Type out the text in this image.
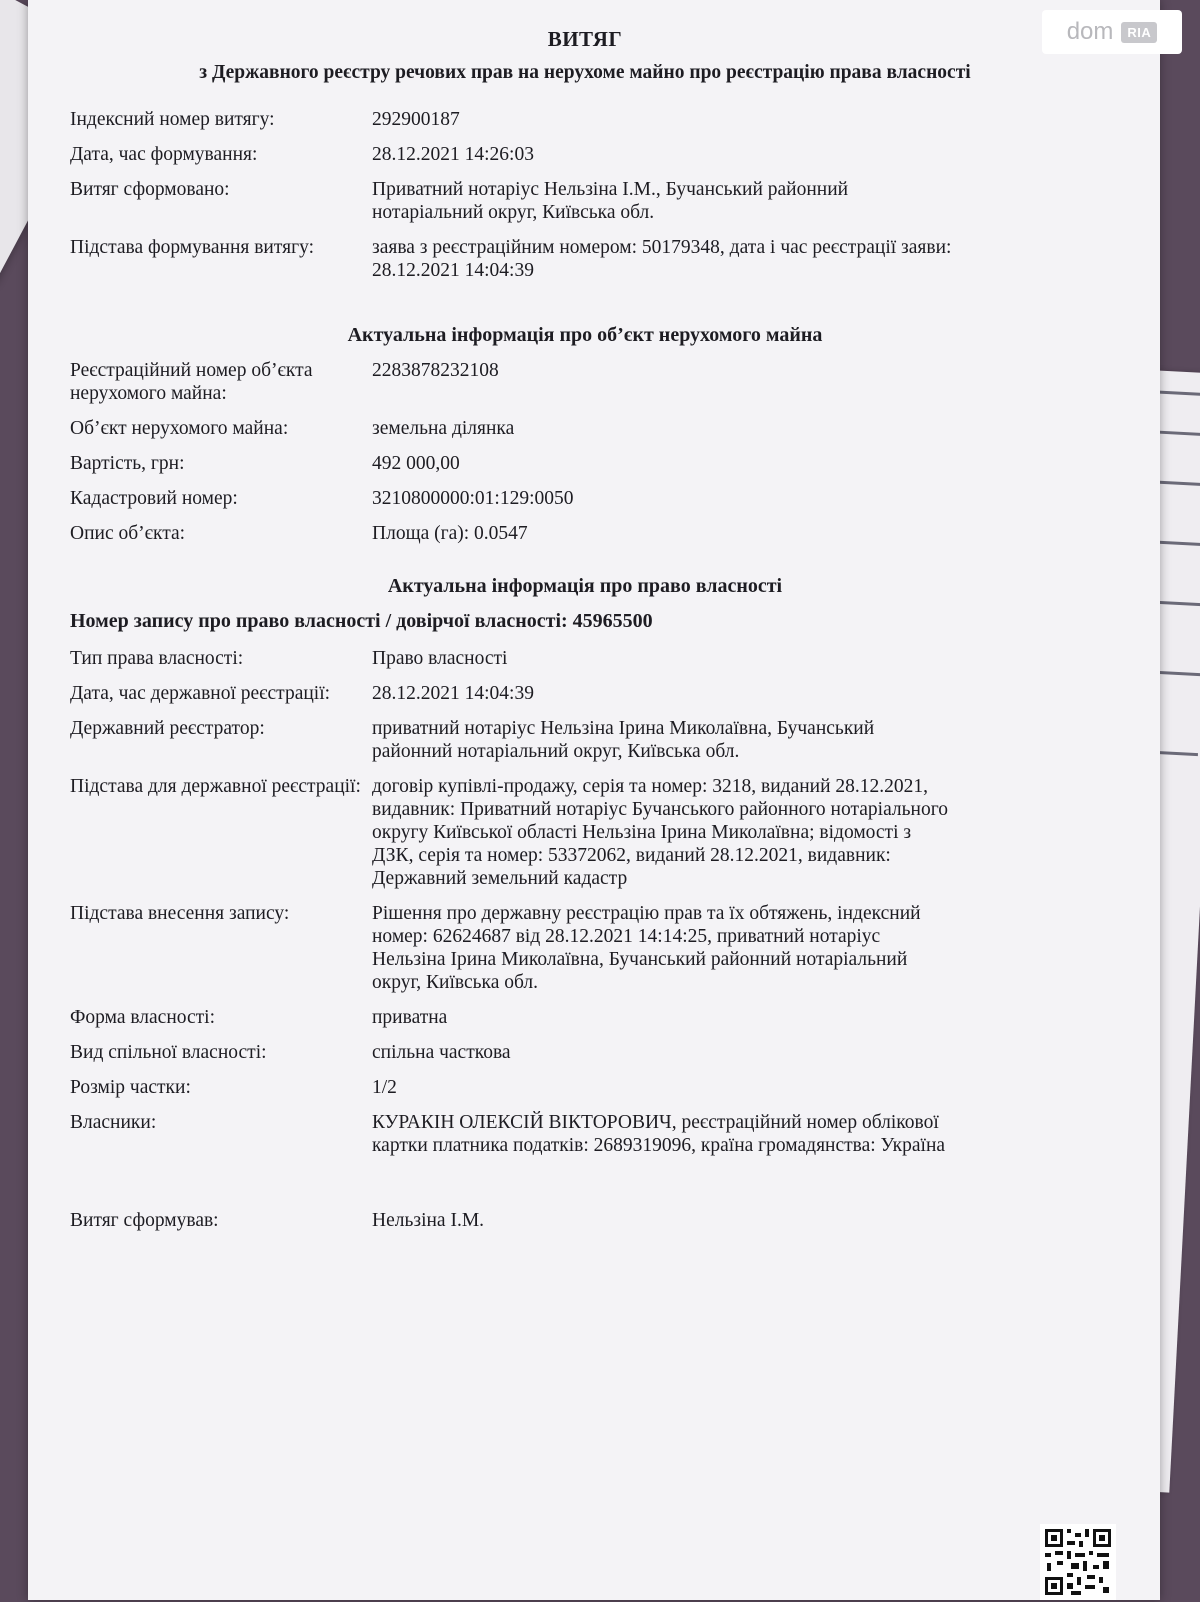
dom	RIA
ВИТЯГ
з Державного реєстру речових прав на нерухоме майно про реєстрацію права власності
Індексний номер витягу:	292900187
Дата, час формування:	28.12.2021 14:26:03
Витяг сформовано:	Приватний нотаріус Нельзіна І.М., Бучанський районний
нотаріальний округ, Київська обл.
Підстава формування витягу:	заява з реєстраційним номером: 50179348, дата і час реєстрації заяви:
28.12.2021 14:04:39
Актуальна інформація про об’єкт нерухомого майна
Реєстраційний номер об’єкта нерухомого майна:
2283878232108
Об’єкт нерухомого майна:	земельна ділянка
Вартість, грн:	492 000,00
Кадастровий номер:	3210800000:01:129:0050
Опис об’єкта:	Площа (га): 0.0547
Актуальна інформація про право власності
Номер запису про право власності / довірчої власності: 45965500
Тип права власності:	Право власності
Дата, час державної реєстрації:	28.12.2021 14:04:39
Державний реєстратор:	приватний нотаріус Нельзіна Ірина Миколаївна, Бучанський
районний нотаріальний округ, Київська обл.
Підстава для державної реєстрації: договір купівлі-продажу, серія та номер: 3218, виданий 28.12.2021,
видавник: Приватний нотаріус Бучанського районного нотаріального
округу Київської області Нельзіна Ірина Миколаївна; відомості з
ДЗК, серія та номер: 53372062, виданий 28.12.2021, видавник:
Державний земельний кадастр
Підстава внесення запису:	Рішення про державну реєстрацію прав та їх обтяжень, індексний
номер: 62624687 від 28.12.2021 14:14:25, приватний нотаріус
Нельзіна Ірина Миколаївна, Бучанський районний нотаріальний
округ, Київська обл.
Форма власності:	приватна
Вид спільної власності:	спільна часткова
Розмір частки:	1/2
Власники:	КУРАКІН ОЛЕКСІЙ ВІКТОРОВИЧ, реєстраційний номер облікової
картки платника податків: 2689319096, країна громадянства: Україна
Витяг сформував:	Нельзіна І.М.
